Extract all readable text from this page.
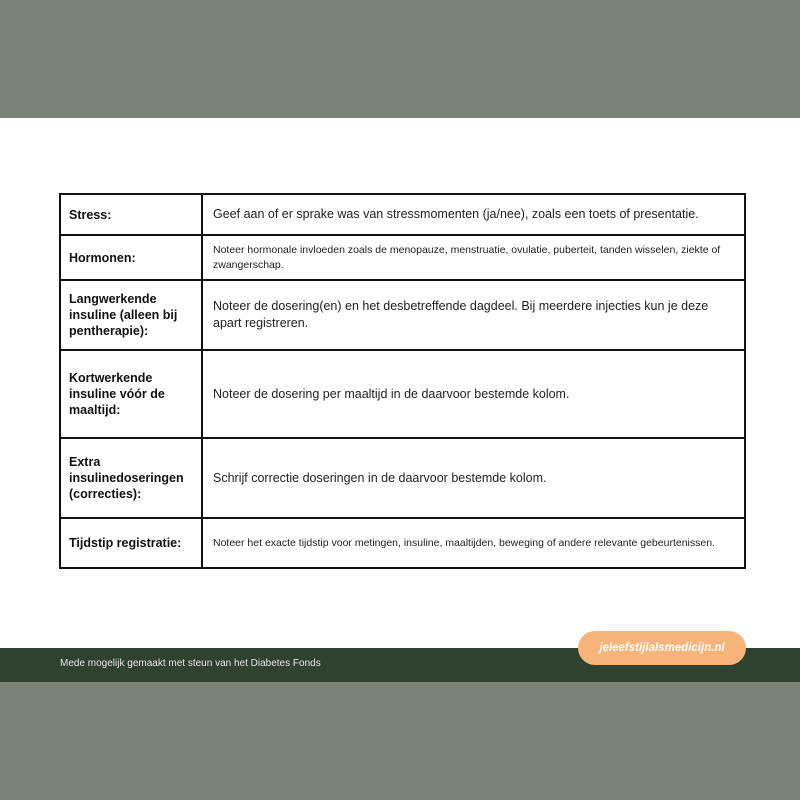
Stress:	Geef aan of er sprake was van stressmomenten (ja/nee), zoals een toets of presentatie.
Hormonen:
Noteer hormonale invloeden zoals de menopauze, menstruatie, ovulatie, puberteit, tanden wisselen, ziekte of zwangerschap.
Langwerkende insuline (alleen bij pentherapie):
Noteer de dosering(en) en het desbetreffende dagdeel. Bij meerdere injecties kun je deze apart registreren.
Kortwerkende insuline vóór de maaltijd:
Noteer de dosering per maaltijd in de daarvoor bestemde kolom.
Extra insulinedoseringen (correcties):
Schrijf correctie doseringen in de daarvoor bestemde kolom.
Tijdstip registratie:	Noteer het exacte tijdstip voor metingen, insuline, maaltijden, beweging of andere relevante gebeurtenissen.
Mede mogelijk gemaakt met steun van het Diabetes Fonds
jeleefstijlalsmedicijn.nl
